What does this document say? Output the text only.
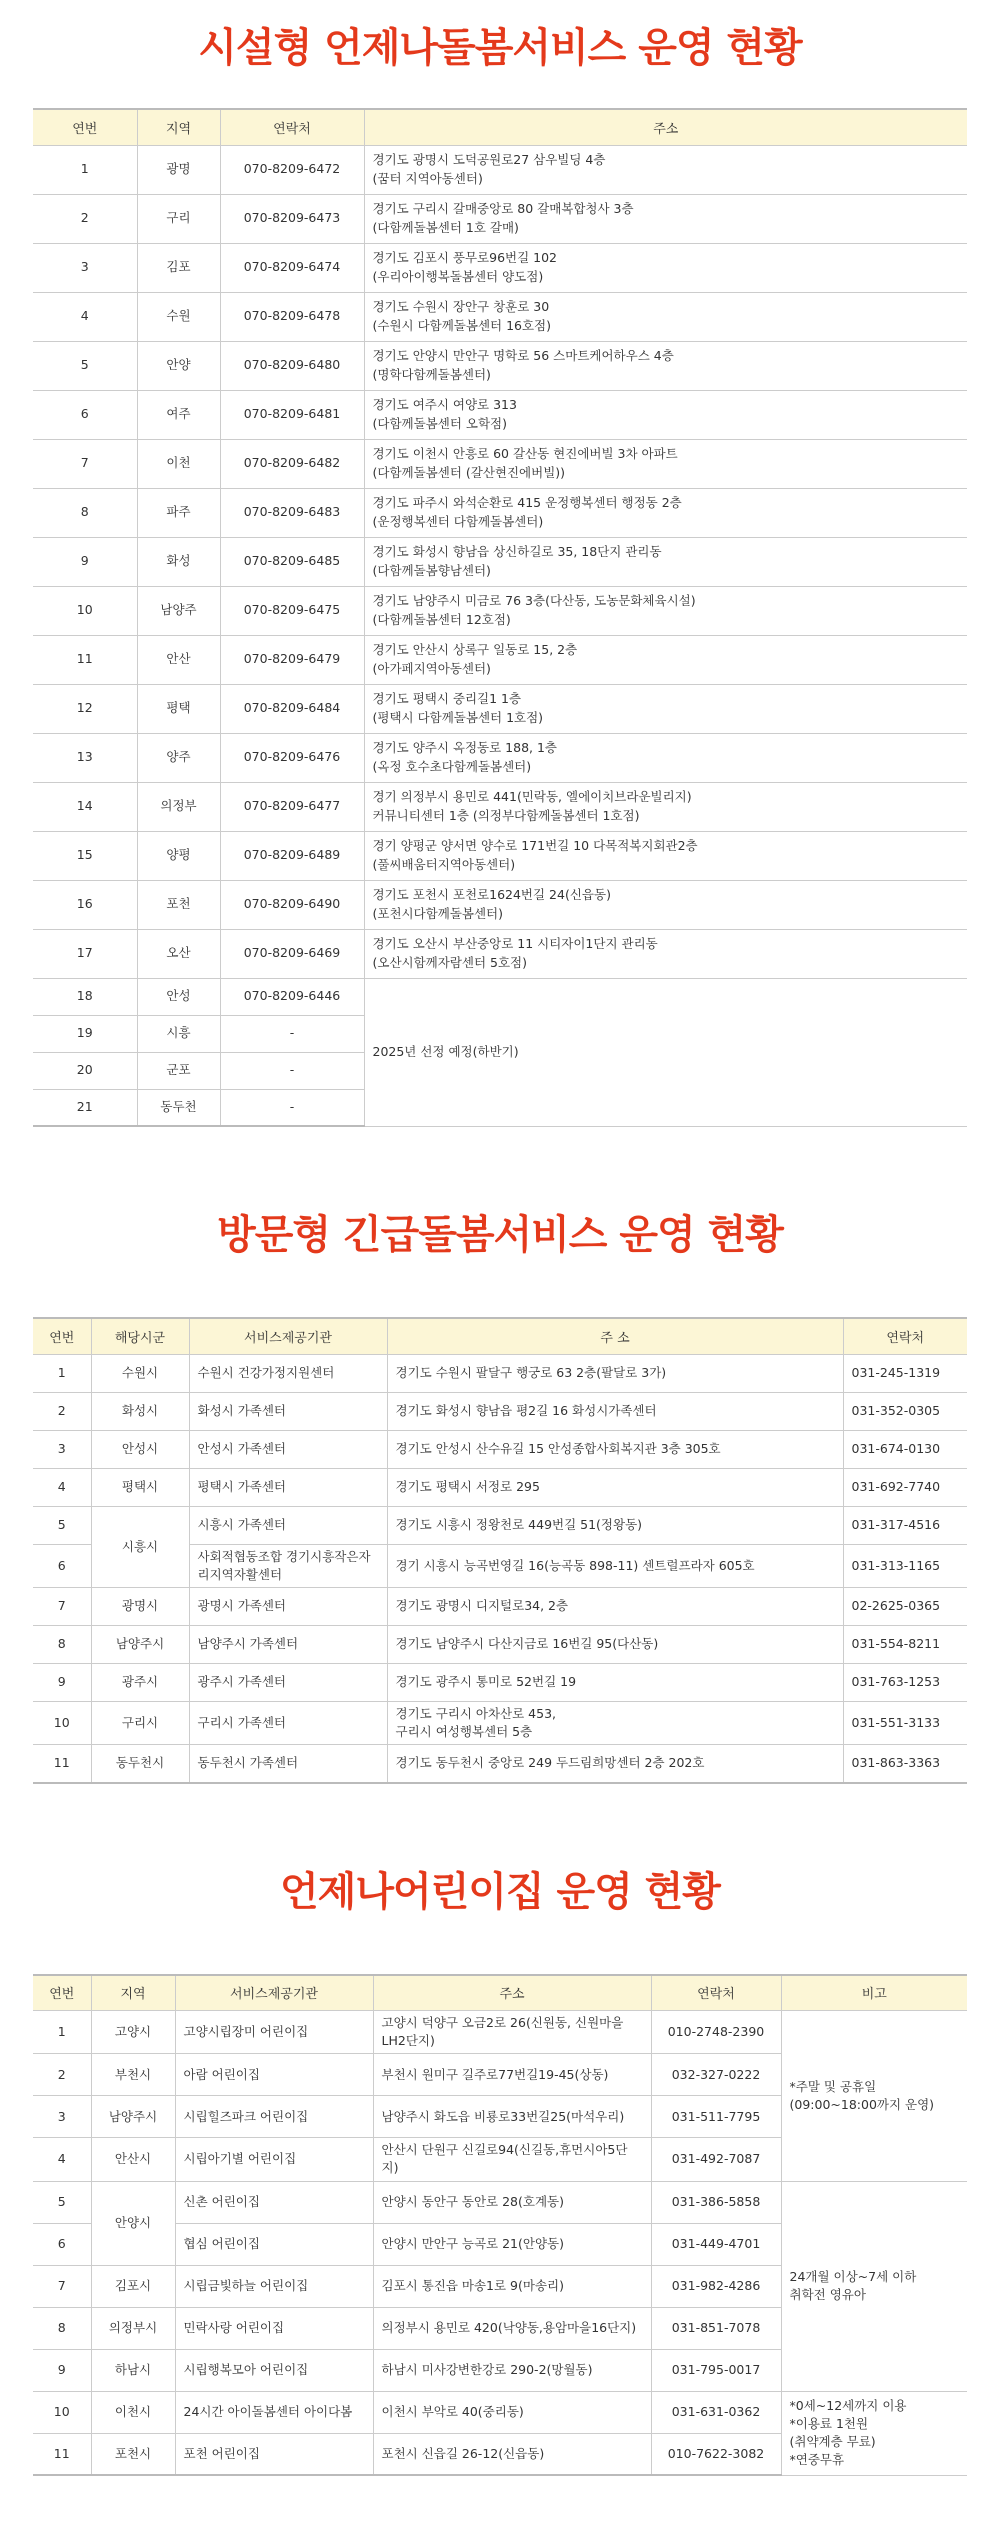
시설형 언제나돌봄서비스 운영 현황
연번	지역	연락처	주소
1	광명	070-8209-6472	경기도 광명시 도덕공원로27 삼우빌딩 4층
(꿈터 지역아동센터)

2	구리	070-8209-6473	경기도 구리시 갈매중앙로 80 갈매복합청사 3층
(다함께돌봄센터 1호 갈매)

3	김포	070-8209-6474	경기도 김포시 풍무로96번길 102
(우리아이행복돌봄센터 양도점)

4	수원	070-8209-6478	경기도 수원시 장안구 창훈로 30
(수원시 다함께돌봄센터 16호점)

5	안양	070-8209-6480	경기도 안양시 만안구 명학로 56 스마트케어하우스 4층
(명학다함께돌봄센터)

6	여주	070-8209-6481	경기도 여주시 여양로 313
(다함께돌봄센터 오학점)

7	이천	070-8209-6482	경기도 이천시 안흥로 60 갈산동 현진에버빌 3차 아파트
(다함께돌봄센터 (갈산현진에버빌))

8	파주	070-8209-6483	경기도 파주시 와석순환로 415 운정행복센터 행정동 2층
(운정행복센터 다함께돌봄센터)

9	화성	070-8209-6485	경기도 화성시 향남읍 상신하길로 35, 18단지 관리동
(다함께돌봄향남센터)

10	남양주	070-8209-6475	경기도 남양주시 미금로 76 3층(다산동, 도농문화체육시설)
(다함께돌봄센터 12호점)

11	안산	070-8209-6479	경기도 안산시 상록구 일동로 15, 2층
(아가페지역아동센터)

12	평택	070-8209-6484	경기도 평택시 중리길1 1층
(평택시 다함께돌봄센터 1호점)

13	양주	070-8209-6476	경기도 양주시 옥정동로 188, 1층
(옥정 호수초다함께돌봄센터)

14	의정부	070-8209-6477	경기 의정부시 용민로 441(민락동, 엘에이치브라운빌리지)
커뮤니티센터 1층 (의정부다함께돌봄센터 1호점)

15	양평	070-8209-6489	경기 양평군 양서면 양수로 171번길 10 다목적복지회관2층
(풀씨배움터지역아동센터)

16	포천	070-8209-6490	경기도 포천시 포천로1624번길 24(신읍동)
(포천시다함께돌봄센터)

17	오산	070-8209-6469	경기도 오산시 부산중앙로 11 시티자이1단지 관리동
(오산시함께자람센터 5호점)

18	안성	070-8209-6446	2025년 선정 예정(하반기)
19	시흥	-	
20	군포	-	
21	동두천	-	
방문형 긴급돌봄서비스 운영 현황
연번	해당시군	서비스제공기관	주 소	연락처
1	수원시	수원시 건강가정지원센터	경기도 수원시 팔달구 행궁로 63 2층(팔달로 3가)	031-245-1319
2	화성시	화성시 가족센터	경기도 화성시 향남읍 평2길 16 화성시가족센터	031-352-0305
3	안성시	안성시 가족센터	경기도 안성시 산수유길 15 안성종합사회복지관 3층 305호	031-674-0130
4	평택시	평택시 가족센터	경기도 평택시 서정로 295	031-692-7740
5	시흥시	시흥시 가족센터	경기도 시흥시 정왕천로 449번길 51(정왕동)	031-317-4516
6		사회적협동조합 경기시흥작은자리지역자활센터	경기 시흥시 능곡번영길 16(능곡동 898-11) 센트럴프라자 605호	031-313-1165
7	광명시	광명시 가족센터	경기도 광명시 디지털로34, 2층	02-2625-0365
8	남양주시	남양주시 가족센터	경기도 남양주시 다산지금로 16번길 95(다산동)	031-554-8211
9	광주시	광주시 가족센터	경기도 광주시 통미로 52번길 19	031-763-1253
10	구리시	구리시 가족센터	경기도 구리시 아차산로 453,
구리시 여성행복센터 5층	031-551-3133
11	동두천시	동두천시 가족센터	경기도 동두천시 중앙로 249 두드림희망센터 2층 202호	031-863-3363
언제나어린이집 운영 현황
연번	지역	서비스제공기관	주소	연락처	비고
1	고양시	고양시립장미 어린이집	고양시 덕양구 오금2로 26(신원동, 신원마을LH2단지)	010-2748-2390	*주말 및 공휴일
(09:00~18:00까지 운영)
2	부천시	아람 어린이집	부천시 원미구 길주로77번길19-45(상동)	032-327-0222	
3	남양주시	시립힐즈파크 어린이집	남양주시 화도읍 비룡로33번길25(마석우리)	031-511-7795	
4	안산시	시립아기별 어린이집	안산시 단원구 신길로94(신길동,휴먼시아5단지)	031-492-7087	
5	안양시	신촌 어린이집	안양시 동안구 동안로 28(호계동)	031-386-5858	24개월 이상~7세 이하
취학전 영유아
6		협심 어린이집	안양시 만안구 능곡로 21(안양동)	031-449-4701	
7	김포시	시립금빛하늘 어린이집	김포시 통진읍 마송1로 9(마송리)	031-982-4286	
8	의정부시	민락사랑 어린이집	의정부시 용민로 420(낙양동,용암마을16단지)	031-851-7078	
9	하남시	시립행복모아 어린이집	하남시 미사강변한강로 290-2(망월동)	031-795-0017	
10	이천시	24시간 아이돌봄센터 아이다봄	이천시 부악로 40(중리동)	031-631-0362	*0세~12세까지 이용
*이용료 1천원
(취약계층 무료)
*연중무휴
11	포천시	포천 어린이집	포천시 신읍길 26-12(신읍동)	010-7622-3082	
